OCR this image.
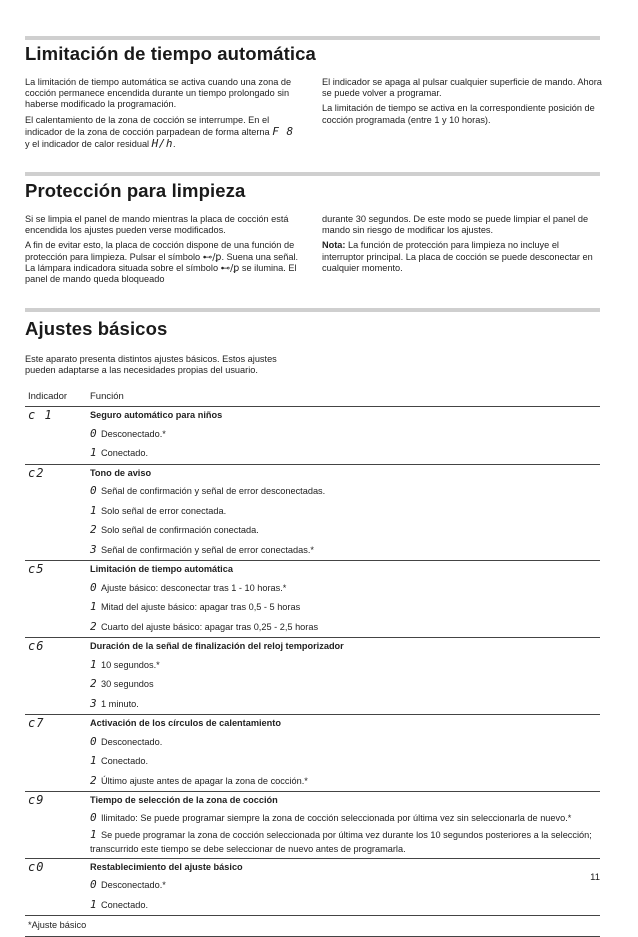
Limitación de tiempo automática

La limitación de tiempo automática se activa cuando una zona de cocción permanece encendida durante un tiempo prolongado sin haberse modificado la programación.

El calentamiento de la zona de cocción se interrumpe. En el indicador de la zona de cocción parpadean de forma alterna F 8 y el indicador de calor residual H/h.

El indicador se apaga al pulsar cualquier superficie de mando. Ahora se puede volver a programar.

La limitación de tiempo se activa en la correspondiente posición de cocción programada (entre 1 y 10 horas).

Protección para limpieza

Si se limpia el panel de mando mientras la placa de cocción está encendida los ajustes pueden verse modificados.

A fin de evitar esto, la placa de cocción dispone de una función de protección para limpieza. Pulsar el símbolo ⊷/ꝑ. Suena una señal. La lámpara indicadora situada sobre el símbolo ⊷/ꝑ se ilumina. El panel de mando queda bloqueado

durante 30 segundos. De este modo se puede limpiar el panel de mando sin riesgo de modificar los ajustes.

Nota: La función de protección para limpieza no incluye el interruptor principal. La placa de cocción se puede desconectar en cualquier momento.

Ajustes básicos
Este aparato presenta distintos ajustes básicos. Estos ajustes pueden adaptarse a las necesidades propias del usuario.
Indicador	Función
c 1	Seguro automático para niños
	0 Desconectado.*
	1 Conectado.
c2	Tono de aviso
	0 Señal de confirmación y señal de error desconectadas.
	1 Solo señal de error conectada.
	2 Solo señal de confirmación conectada.
	3 Señal de confirmación y señal de error conectadas.*
c5	Limitación de tiempo automática
	0 Ajuste básico: desconectar tras 1 - 10 horas.*
	1 Mitad del ajuste básico: apagar tras 0,5 - 5 horas
	2 Cuarto del ajuste básico: apagar tras 0,25 - 2,5 horas
c6	Duración de la señal de finalización del reloj temporizador
	1 10 segundos.*
	2 30 segundos
	3 1 minuto.
c7	Activación de los círculos de calentamiento
	0 Desconectado.
	1 Conectado.
	2 Último ajuste antes de apagar la zona de cocción.*
c9	Tiempo de selección de la zona de cocción
	0 Ilimitado: Se puede programar siempre la zona de cocción seleccionada por última vez sin seleccionarla de nuevo.*
	1 Se puede programar la zona de cocción seleccionada por última vez durante los 10 segundos posteriores a la selección; transcurrido este tiempo se debe seleccionar de nuevo antes de programarla.
c0	Restablecimiento del ajuste básico
	0 Desconectado.*
	1 Conectado.
*Ajuste básico	
11
